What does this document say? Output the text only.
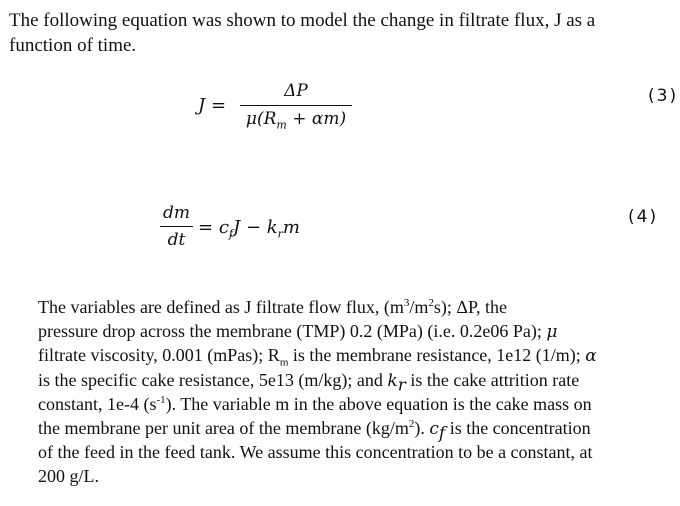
The following equation was shown to model the change in filtrate flux, J as a
function of time.
J =
ΔP
$\mu(R_m + \alpha m)$
(3)
dm
dt
= $c_fJ - k_rm$	(4)
The variables are defined as J filtrate flow flux, $(m^3/m^2s)$; ΔP, the
pressure drop across the membrane (TMP) 0.2 (MPa) (i.e. 0.2e06 Pa); μ
filtrate viscosity, 0.001 (mPas); $R_m$ is the membrane resistance, 1e12 (1/m); α
is the specific cake resistance, 5e13 (m/kg); and $k_r$ is the cake attrition rate
constant, 1e-4 $(s^{-1})$. The variable m in the above equation is the cake mass on
the membrane per unit area of the membrane $(kg/m^2)$. $c_f$ is the concentration
of the feed in the feed tank. We assume this concentration to be a constant, at
200 g/L.
